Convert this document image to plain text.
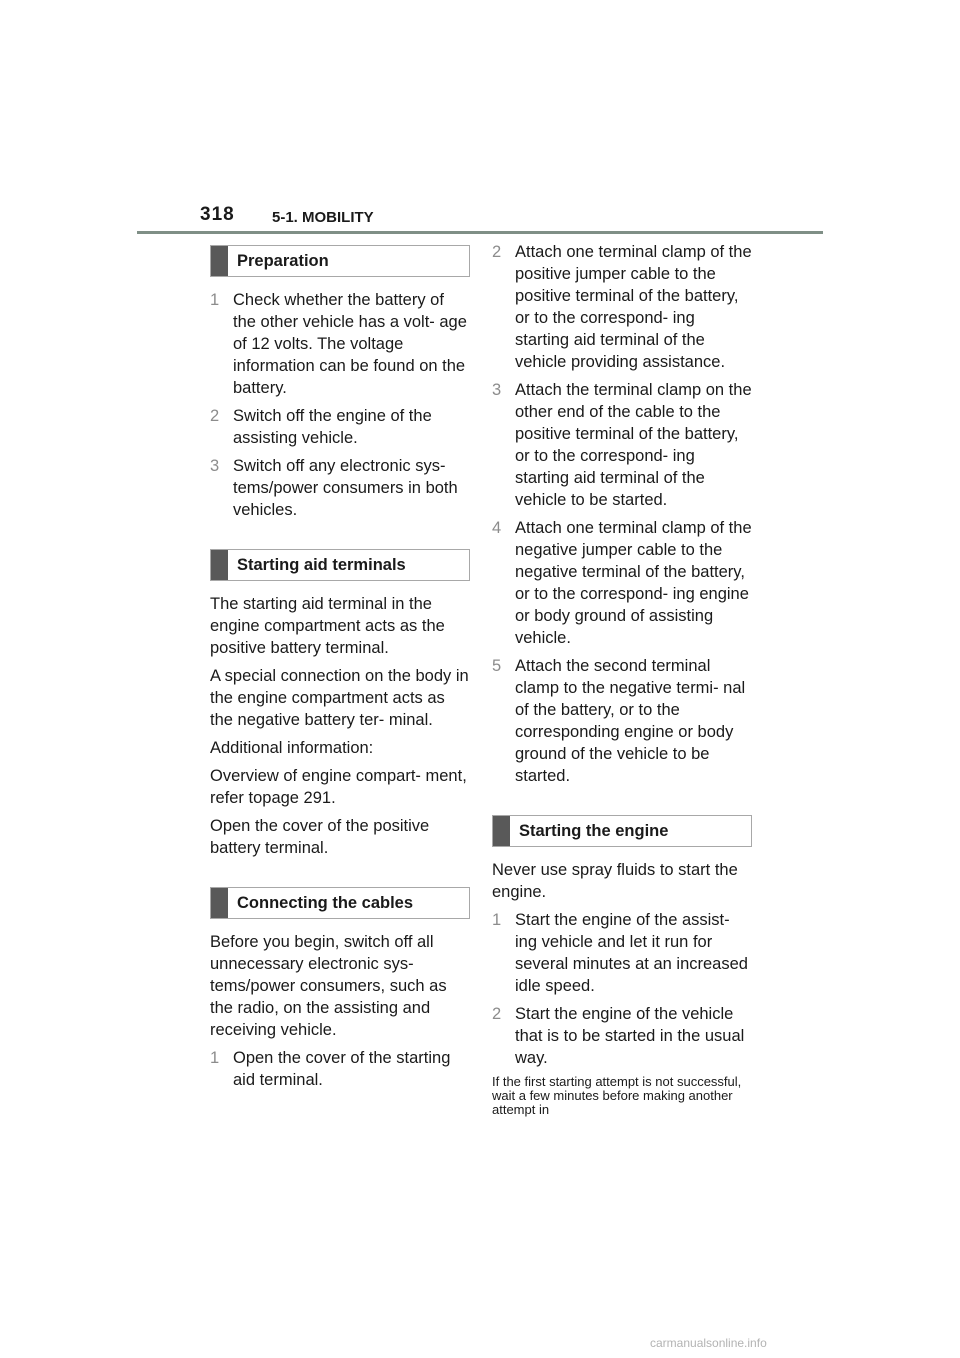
318 5-1. MOBILITY
Preparation
1 Check whether the battery of the other vehicle has a volt- age of 12 volts. The voltage information can be found on the battery.
2 Switch off the engine of the assisting vehicle.
3 Switch off any electronic sys- tems/power consumers in both vehicles.
Starting aid terminals
The starting aid terminal in the engine compartment acts as the positive battery terminal.
A special connection on the body in the engine compartment acts as the negative battery ter- minal.
Additional information:
Overview of engine compart- ment, refer topage 291.
Open the cover of the positive battery terminal.
Connecting the cables
Before you begin, switch off all unnecessary electronic sys- tems/power consumers, such as the radio, on the assisting and receiving vehicle.
1 Open the cover of the starting aid terminal.
2 Attach one terminal clamp of the positive jumper cable to the positive terminal of the battery, or to the correspond- ing starting aid terminal of the vehicle providing assistance.
3 Attach the terminal clamp on the other end of the cable to the positive terminal of the battery, or to the correspond- ing starting aid terminal of the vehicle to be started.
4 Attach one terminal clamp of the negative jumper cable to the negative terminal of the battery, or to the correspond- ing engine or body ground of assisting vehicle.
5 Attach the second terminal clamp to the negative termi- nal of the battery, or to the corresponding engine or body ground of the vehicle to be started.
Starting the engine
Never use spray fluids to start the engine.
1 Start the engine of the assist- ing vehicle and let it run for several minutes at an increased idle speed.
2 Start the engine of the vehicle that is to be started in the usual way.
If the first starting attempt is not successful, wait a few minutes before making another attempt in
carmanualsonline.info
